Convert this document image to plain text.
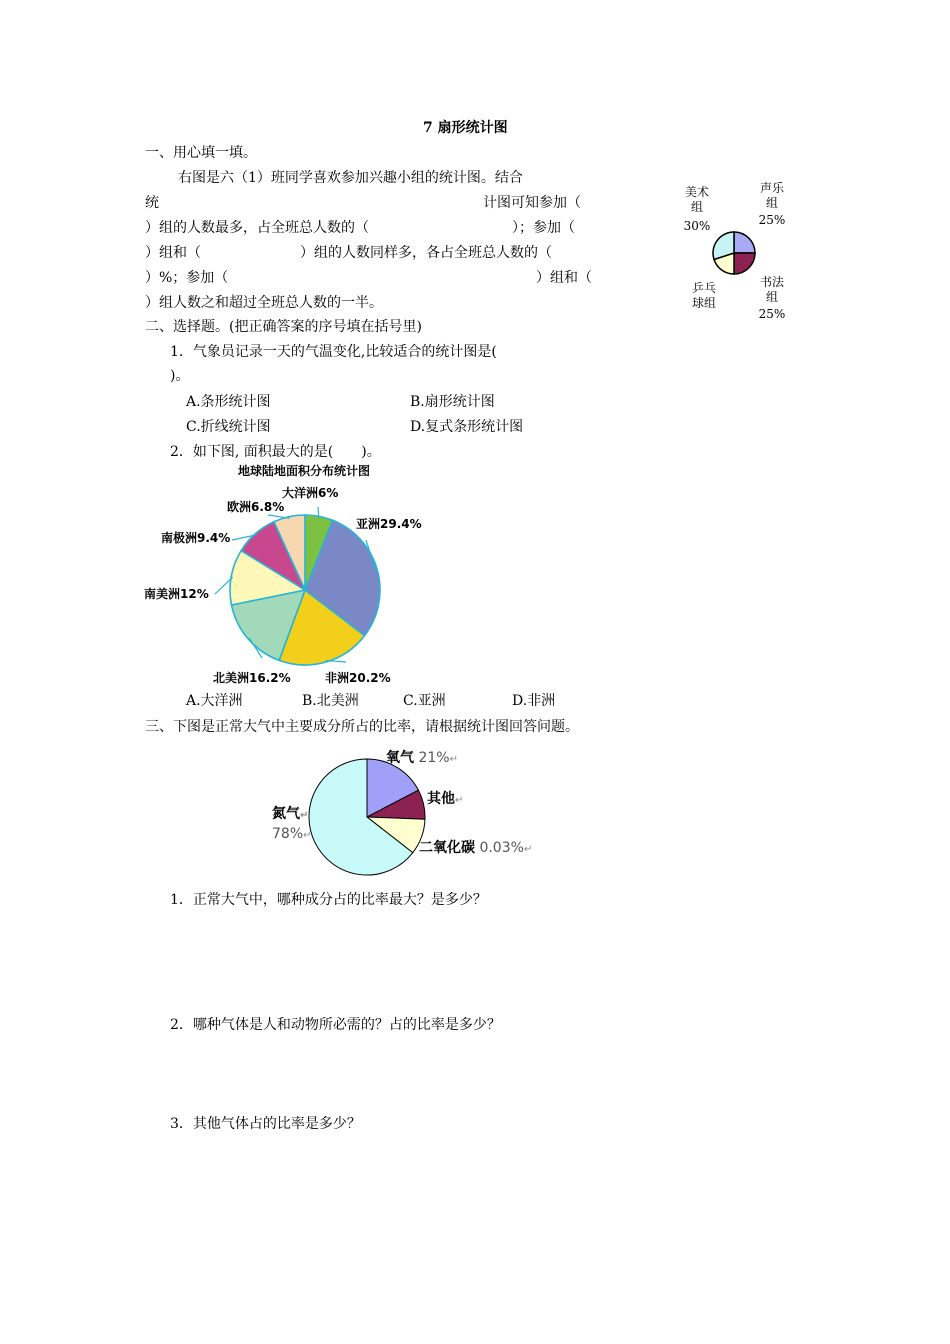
7 扇形统计图
一、用心填一填。
右图是六（1）班同学喜欢参加兴趣小组的统计图。结合
统	计图可知参加（
）组的人数最多，占全班总人数的（	）；参加（
）组和（	）组的人数同样多，各占全班总人数的（
）%；参加（	）组和（
）组人数之和超过全班总人数的一半。
美术
组
30%
声乐
组
25%
乒乓
球组
书法
组
25%
二、选择题。(把正确答案的序号填在括号里)
1．气象员记录一天的气温变化,比较适合的统计图是(
)。
A.条形统计图	B.扇形统计图
C.折线统计图	D.复式条形统计图
2．如下图, 面积最大的是(　　)。
地球陆地面积分布统计图
大洋洲6%
亚洲29.4%
非洲20.2%
北美洲16.2%
南美洲12%
南极洲9.4%
欧洲6.8%
A.大洋洲	B.北美洲	C.亚洲	D.非洲
三、下图是正常大气中主要成分所占的比率，请根据统计图回答问题。
氧气 21%↵
其他↵
二氧化碳 0.03%↵
氮气↵
78%↵
1．正常大气中，哪种成分占的比率最大？是多少？
2．哪种气体是人和动物所必需的？占的比率是多少？
3．其他气体占的比率是多少？
